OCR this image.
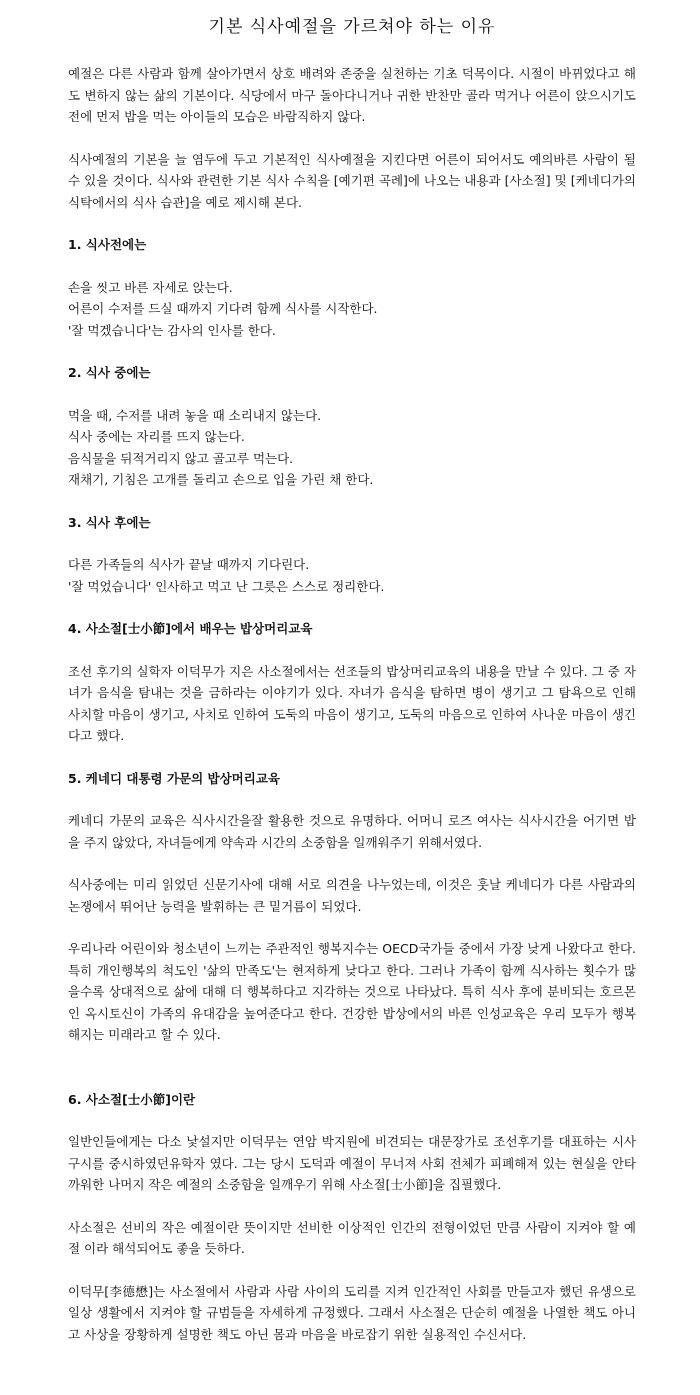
기본 식사예절을 가르쳐야 하는 이유

예절은 다른 사람과 함께 살아가면서 상호 배려와 존중을 실천하는 기초 덕목이다. 시절이 바뀌었다고 해도 변하지 않는 삶의 기본이다. 식당에서 마구 돌아다니거나 귀한 반찬만 골라 먹거나 어른이 앉으시기도 전에 먼저 밥을 먹는 아이들의 모습은 바람직하지 않다.

식사예절의 기본을 늘 염두에 두고 기본적인 식사예절을 지킨다면 어른이 되어서도 예의바른 사람이 될 수 있을 것이다. 식사와 관련한 기본 식사 수칙을 [예기편 곡례]에 나오는 내용과 [사소절] 및 [케네디가의 식탁에서의 식사 습관]을 예로 제시해 본다.

1. 식사전에는

손을 씻고 바른 자세로 앉는다.

어른이 수저를 드실 때까지 기다려 함께 식사를 시작한다.

'잘 먹겠습니다'는 감사의 인사를 한다.

2. 식사 중에는

먹을 때, 수저를 내려 놓을 때 소리내지 않는다.

식사 중에는 자리를 뜨지 않는다.

음식물을 뒤적거리지 않고 골고루 먹는다.

재채기, 기침은 고개를 돌리고 손으로 입을 가린 채 한다.

3. 식사 후에는

다른 가족들의 식사가 끝날 때까지 기다린다.

'잘 먹었습니다' 인사하고 먹고 난 그릇은 스스로 정리한다.

4. 사소절[士小節]에서 배우는 밥상머리교육

조선 후기의 실학자 이덕무가 지은 사소절에서는 선조들의 밥상머리교육의 내용을 만날 수 있다. 그 중 자녀가 음식을 탐내는 것을 금하라는 이야기가 있다. 자녀가 음식을 탐하면 병이 생기고 그 탐욕으로 인해 사치할 마음이 생기고, 사치로 인하여 도둑의 마음이 생기고, 도둑의 마음으로 인하여 사나운 마음이 생긴다고 했다.

5. 케네디 대통령 가문의 밥상머리교육

케네디 가문의 교육은 식사시간을잘 활용한 것으로 유명하다. 어머니 로즈 여사는 식사시간을 어기면 밥을 주지 않았다, 자녀들에게 약속과 시간의 소중함을 일깨워주기 위해서였다.

식사중에는 미리 읽었던 신문기사에 대해 서로 의견을 나누었는데, 이것은 훗날 케네디가 다른 사람과의 논쟁에서 뛰어난 능력을 발휘하는 큰 밑거름이 되었다.

우리나라 어린이와 청소년이 느끼는 주관적인 행복지수는 OECD국가들 중에서 가장 낮게 나왔다고 한다. 특히 개인행복의 척도인 '삶의 만족도'는 현저하게 낮다고 한다. 그러나 가족이 함께 식사하는 횟수가 많을수록 상대적으로 삶에 대해 더 행복하다고 지각하는 것으로 나타났다. 특히 식사 후에 분비되는 호르몬인 옥시토신이 가족의 유대감을 높여준다고 한다. 건강한 밥상에서의 바른 인성교육은 우리 모두가 행복해지는 미래라고 할 수 있다.

6. 사소절[士小節]이란

일반인들에게는 다소 낯설지만 이덕무는 연암 박지원에 비견되는 대문장가로 조선후기를 대표하는 시사구시를 중시하였던유학자 였다. 그는 당시 도덕과 예절이 무너져 사회 전체가 피폐해져 있는 현실을 안타까워한 나머지 작은 예절의 소중함을 일깨우기 위해 사소절[士小節]을 집필했다.

사소절은 선비의 작은 예절이란 뜻이지만 선비한 이상적인 인간의 전형이었던 만큼 사람이 지켜야 할 예절 이라 해석되어도 좋을 듯하다.

이덕무[李德懋]는 사소절에서 사람과 사람 사이의 도리를 지켜 인간적인 사회를 만들고자 했던 유생으로 일상 생활에서 지켜야 할 규범들을 자세하게 규정했다. 그래서 사소절은 단순히 예절을 나열한 책도 아니고 사상을 장황하게 설명한 책도 아닌 몸과 마음을 바로잡기 위한 실용적인 수신서다.
